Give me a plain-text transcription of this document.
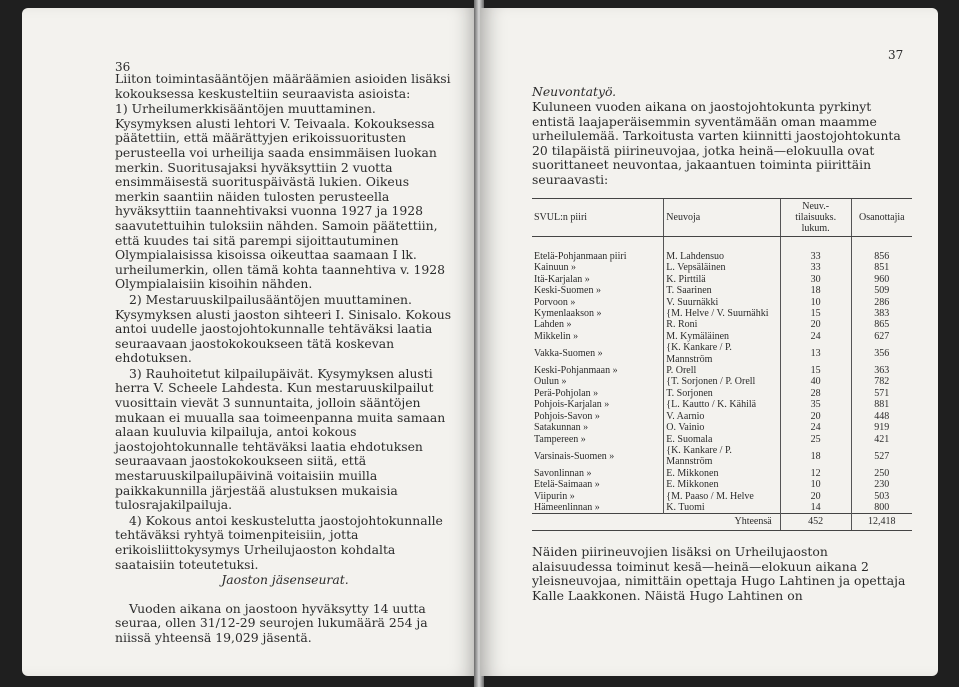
36

Liiton toimintasääntöjen määräämien asioiden lisäksi kokouksessa keskusteltiin seuraavista asioista:

1) Urheilumerkkisääntöjen muuttaminen. Kysymyksen alusti lehtori V. Teivaala. Kokouksessa päätettiin, että määrättyjen erikoissuoritusten perusteella voi urheilija saada ensimmäisen luokan merkin. Suoritusajaksi hyväksyttiin 2 vuotta ensimmäisestä suorituspäivästä lukien. Oikeus merkin saantiin näiden tulosten perusteella hyväksyttiin taannehtivaksi vuonna 1927 ja 1928 saavutettuihin tuloksiin nähden. Samoin päätettiin, että kuudes tai sitä parempi sijoittautuminen Olympialaisissa kisoissa oikeuttaa saamaan I lk. urheilumerkin, ollen tämä kohta taannehtiva v. 1928 Olympialaisiin kisoihin nähden.

2) Mestaruuskilpailusääntöjen muuttaminen. Kysymyksen alusti jaoston sihteeri I. Sinisalo. Kokous antoi uudelle jaostojohtokunnalle tehtäväksi laatia seuraavaan jaostokokoukseen tätä koskevan ehdotuksen.

3) Rauhoitetut kilpailupäivät. Kysymyksen alusti herra V. Scheele Lahdesta. Kun mestaruuskilpailut vuosittain vievät 3 sunnuntaita, jolloin sääntöjen mukaan ei muualla saa toimeenpanna muita samaan alaan kuuluvia kilpailuja, antoi kokous jaostojohtokunnalle tehtäväksi laatia ehdotuksen seuraavaan jaostokokoukseen siitä, että mestaruuskilpailupäivinä voitaisiin muilla paikkakunnilla järjestää alustuksen mukaisia tulosrajakilpailuja.

4) Kokous antoi keskustelutta jaostojohtokunnalle tehtäväksi ryhtyä toimenpiteisiin, jotta erikoisliittokysymys Urheilujaoston kohdalta saataisiin toteutetuksi.

Jaoston jäsenseurat.

Vuoden aikana on jaostoon hyväksytty 14 uutta seuraa, ollen 31/12-29 seurojen lukumäärä 254 ja niissä yhteensä 19,029 jäsentä.

37
Neuvontatyö.
Kuluneen vuoden aikana on jaostojohtokunta pyrkinyt entistä laajaperäisemmin syventämään oman maamme urheilulemää. Tarkoitusta varten kiinnitti jaostojohtokunta 20 tilapäistä piirineuvojaa, jotka heinä—elokuulla ovat suorittaneet neuvontaa, jakaantuen toiminta piirittäin seuraavasti:
SVUL:n piiri	Neuvoja	Neuv.-tilaisuuks. lukum.	Osanottajia
Etelä-Pohjanmaan piiri	M. Lahdensuo	33	856
Kainuun »	L. Vepsäläinen	33	851
Itä-Karjalan »	K. Pirttilä	30	960
Keski-Suomen »	T. Saarinen	18	509
Porvoon »	V. Suurnäkki	10	286
Kymenlaakson »	{M. Helve / V. Suurnähki	15	383
Lahden »	R. Roni	20	865
Mikkelin »	M. Kymäläinen	24	627
Vakka-Suomen »	{K. Kankare / P. Mannström	13	356
Keski-Pohjanmaan »	P. Orell	15	363
Oulun »	{T. Sorjonen / P. Orell	40	782
Perä-Pohjolan »	T. Sorjonen	28	571
Pohjois-Karjalan »	{L. Kautto / K. Kähilä	35	881
Pohjois-Savon »	V. Aarnio	20	448
Satakunnan »	O. Vainio	24	919
Tampereen »	E. Suomala	25	421
Varsinais-Suomen »	{K. Kankare / P. Mannström	18	527
Savonlinnan »	E. Mikkonen	12	250
Etelä-Saimaan »	E. Mikkonen	10	230
Viipurin »	{M. Paaso / M. Helve	20	503
Hämeenlinnan »	K. Tuomi	14	800
Yhteensä		452	12,418
Näiden piirineuvojien lisäksi on Urheilujaoston alaisuudessa toiminut kesä—heinä—elokuun aikana 2 yleisneuvojaa, nimittäin opettaja Hugo Lahtinen ja opettaja Kalle Laakkonen. Näistä Hugo Lahtinen on
